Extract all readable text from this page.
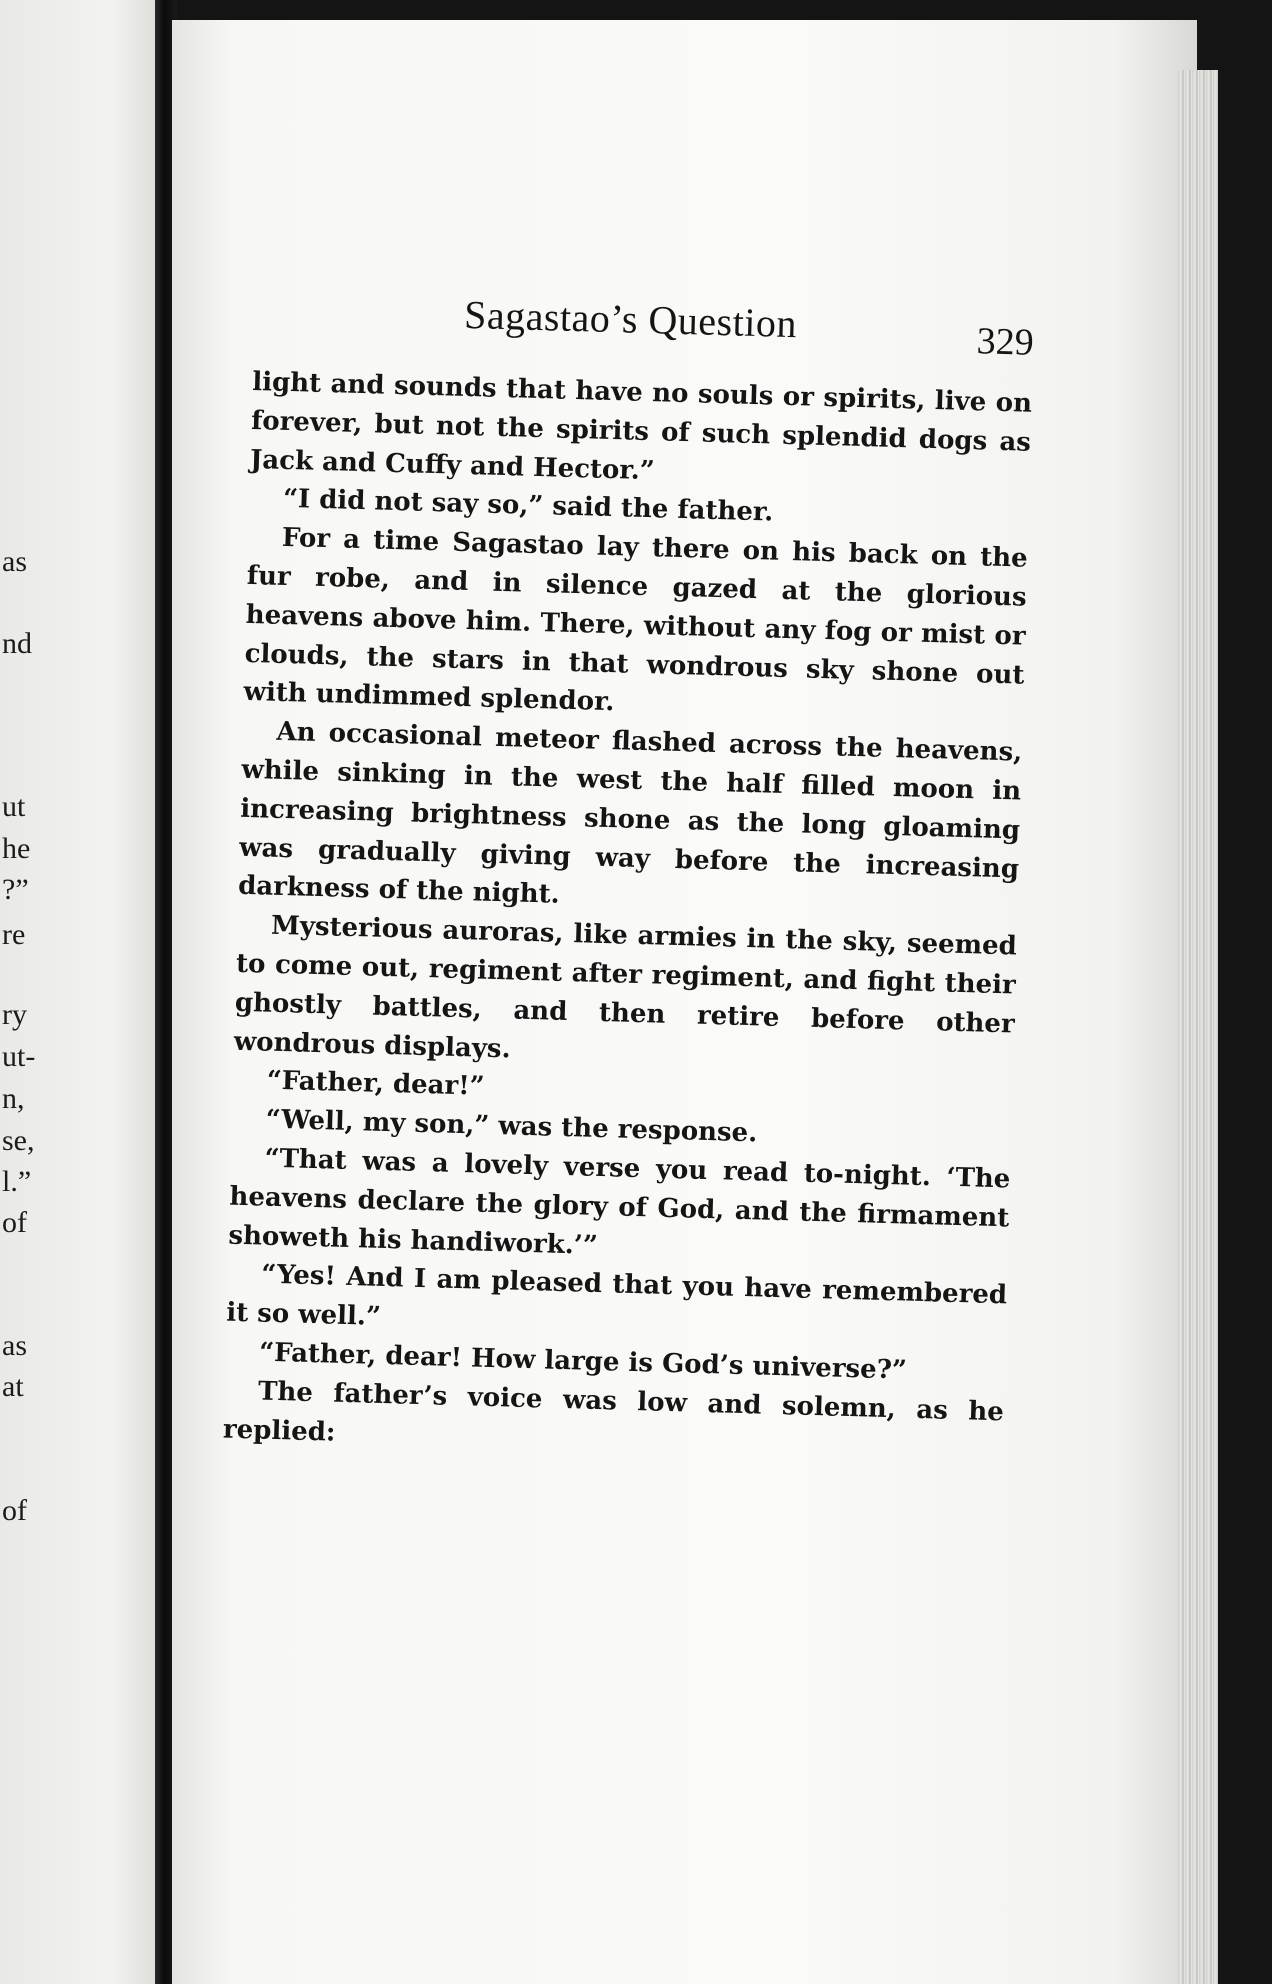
as
nd
ut
he
?”
re
ry
ut-
n,
se,
l.”
of
as
at
of
Sagastao’s Question	329

light and sounds that have no souls or spirits, live on forever, but not the spirits of such splendid dogs as Jack and Cuffy and Hector.”

“I did not say so,” said the father.

For a time Sagastao lay there on his back on the fur robe, and in silence gazed at the glorious heavens above him. There, without any fog or mist or clouds, the stars in that wondrous sky shone out with undimmed splendor.

An occasional meteor flashed across the heavens, while sinking in the west the half filled moon in increasing brightness shone as the long gloaming was gradually giving way before the increasing darkness of the night.

Mysterious auroras, like armies in the sky, seemed to come out, regiment after regiment, and fight their ghostly battles, and then retire before other wondrous displays.

“Father, dear!”

“Well, my son,” was the response.

“That was a lovely verse you read to-night. ‘The heavens declare the glory of God, and the firmament showeth his handiwork.’”

“Yes! And I am pleased that you have remembered it so well.”

“Father, dear! How large is God’s universe?”

The father’s voice was low and solemn, as he replied:
